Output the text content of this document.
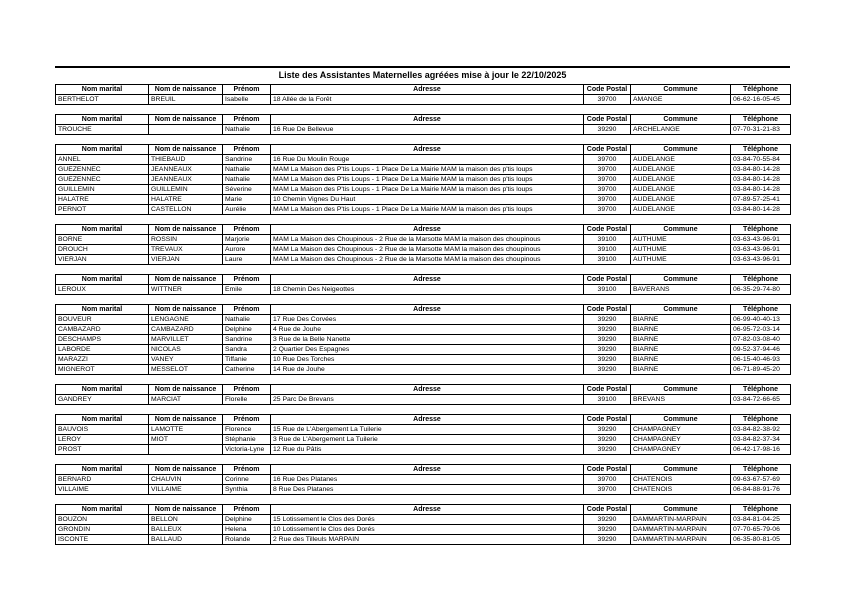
Liste des Assistantes Maternelles agréées mise à jour le 22/10/2025
Nom marital	Nom de naissance	Prénom	Adresse	Code Postal	Commune	Téléphone
BERTHELOT	BREUIL	Isabelle	18 Allée de la Forêt	39700	AMANGE	06-62-16-05-45
Nom marital	Nom de naissance	Prénom	Adresse	Code Postal	Commune	Téléphone
TROUCHE		Nathalie	16 Rue De Bellevue	39290	ARCHELANGE	07-70-31-21-83
Nom marital	Nom de naissance	Prénom	Adresse	Code Postal	Commune	Téléphone
ANNEL	THIEBAUD	Sandrine	16 Rue Du Moulin Rouge	39700	AUDELANGE	03-84-70-55-84
GUEZENNEC	JEANNEAUX	Nathalie	MAM La Maison des P'tis Loups - 1 Place De La Mairie MAM la maison des p'tis loups	39700	AUDELANGE	03-84-80-14-28
GUEZENNEC	JEANNEAUX	Nathalie	MAM La Maison des P'tis Loups - 1 Place De La Mairie MAM la maison des p'tis loups	39700	AUDELANGE	03-84-80-14-28
GUILLEMIN	GUILLEMIN	Séverine	MAM La Maison des P'tis Loups - 1 Place De La Mairie MAM la maison des p'tis loups	39700	AUDELANGE	03-84-80-14-28
HALATRE	HALATRE	Marie	10 Chemin Vignes Du Haut	39700	AUDELANGE	07-89-57-25-41
PERNOT	CASTELLON	Aurélie	MAM La Maison des P'tis Loups - 1 Place De La Mairie MAM la maison des p'tis loups	39700	AUDELANGE	03-84-80-14-28
Nom marital	Nom de naissance	Prénom	Adresse	Code Postal	Commune	Téléphone
BORNE	ROSSIN	Marjorie	MAM La Maison des Choupinous - 2 Rue de la Marsotte MAM la maison des choupinous	39100	AUTHUME	03-63-43-96-91
DROUCH	TREVAUX	Aurore	MAM La Maison des Choupinous - 2 Rue de la Marsotte MAM la maison des choupinous	39100	AUTHUME	03-63-43-96-91
VIERJAN	VIERJAN	Laure	MAM La Maison des Choupinous - 2 Rue de la Marsotte MAM la maison des choupinous	39100	AUTHUME	03-63-43-96-91
Nom marital	Nom de naissance	Prénom	Adresse	Code Postal	Commune	Téléphone
LEROUX	WITTNER	Emile	18 Chemin Des Neigeottes	39100	BAVERANS	06-35-29-74-80
Nom marital	Nom de naissance	Prénom	Adresse	Code Postal	Commune	Téléphone
BOUVEUR	LENGAGNE	Nathalie	17 Rue Des Corvées	39290	BIARNE	06-99-40-40-13
CAMBAZARD	CAMBAZARD	Delphine	4 Rue de Jouhe	39290	BIARNE	06-95-72-03-14
DESCHAMPS	MARVILLET	Sandrine	3 Rue de la Belle Nanette	39290	BIARNE	07-82-03-08-40
LABORDE	NICOLAS	Sandra	2 Quartier Des Espagnes	39290	BIARNE	09-52-37-94-46
MARAZZI	VANEY	Tiffanie	10 Rue Des Torches	39290	BIARNE	06-15-40-46-93
MIGNEROT	MESSELOT	Catherine	14 Rue de Jouhe	39290	BIARNE	06-71-89-45-20
Nom marital	Nom de naissance	Prénom	Adresse	Code Postal	Commune	Téléphone
GANDREY	MARCIAT	Florelle	25 Parc De Brevans	39100	BREVANS	03-84-72-66-65
Nom marital	Nom de naissance	Prénom	Adresse	Code Postal	Commune	Téléphone
BAUVOIS	LAMOTTE	Florence	15 Rue de L'Abergement La Tuilerie	39290	CHAMPAGNEY	03-84-82-38-92
LEROY	MIOT	Stéphanie	3 Rue de L'Abergement La Tuilerie	39290	CHAMPAGNEY	03-84-82-37-34
PROST		Victoria-Lyne	12 Rue du Pâtis	39290	CHAMPAGNEY	06-42-17-98-16
Nom marital	Nom de naissance	Prénom	Adresse	Code Postal	Commune	Téléphone
BERNARD	CHAUVIN	Corinne	16 Rue Des Platanes	39700	CHATENOIS	09-63-67-57-69
VILLAIME	VILLAIME	Synthia	8 Rue Des Platanes	39700	CHATENOIS	06-84-88-91-76
Nom marital	Nom de naissance	Prénom	Adresse	Code Postal	Commune	Téléphone
BOUZON	BELLON	Delphine	15 Lotissement le Clos des Dorés	39290	DAMMARTIN-MARPAIN	03-84-81-04-25
GRONDIN	BALLEUX	Helena	10 Lotissement le Clos des Dorés	39290	DAMMARTIN-MARPAIN	07-70-65-79-06
ISCONTE	BALLAUD	Rolande	2 Rue des Tilleuls MARPAIN	39290	DAMMARTIN-MARPAIN	06-35-80-81-05
